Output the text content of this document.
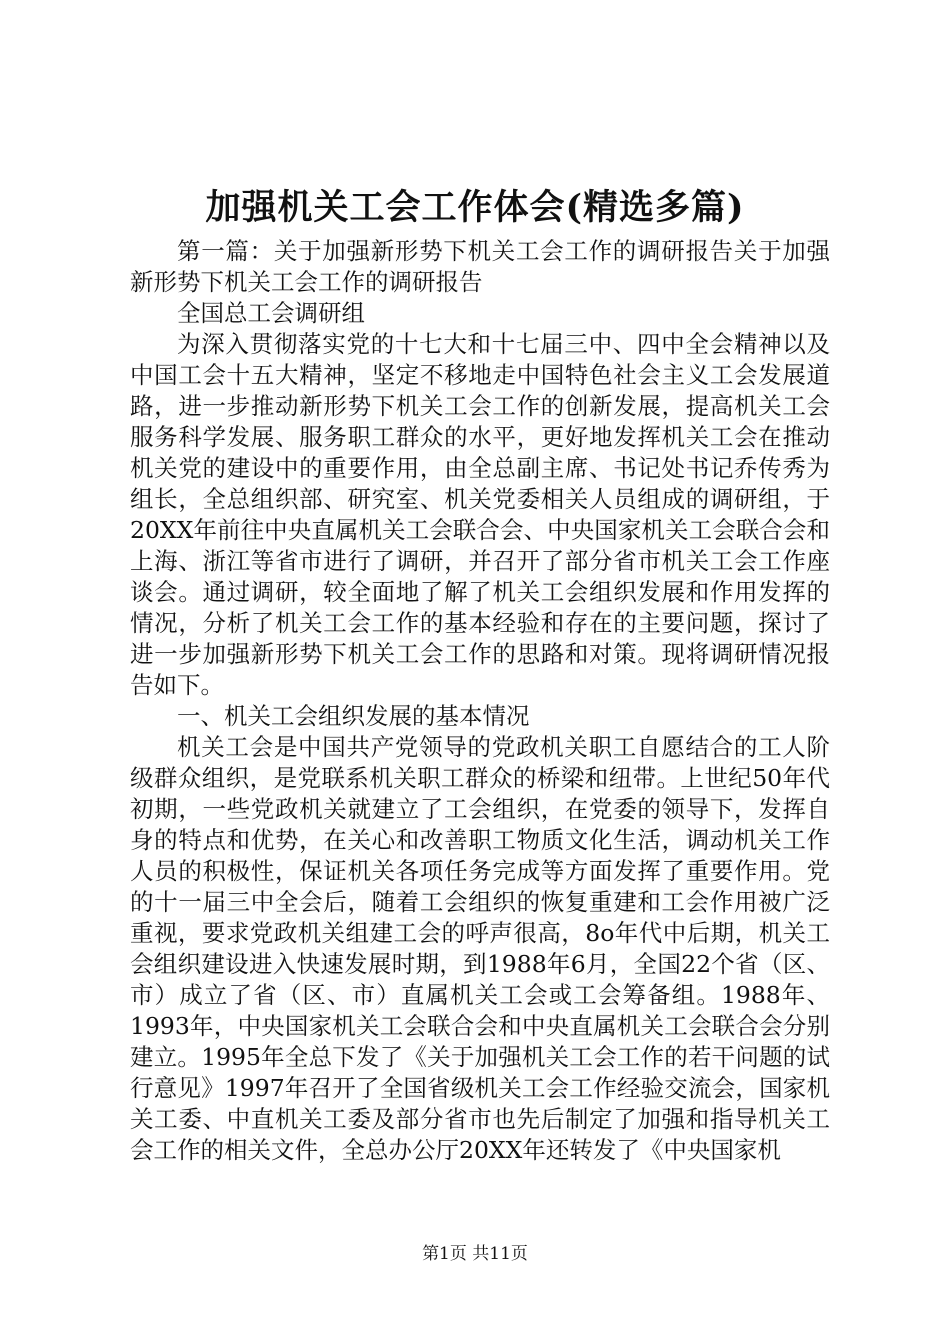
加强机关工会工作体会(精选多篇)

第一篇：关于加强新形势下机关工会工作的调研报告关于加强新形势下机关工会工作的调研报告

全国总工会调研组

为深入贯彻落实党的十七大和十七届三中、四中全会精神以及中国工会十五大精神，坚定不移地走中国特色社会主义工会发展道路，进一步推动新形势下机关工会工作的创新发展，提高机关工会服务科学发展、服务职工群众的水平，更好地发挥机关工会在推动机关党的建设中的重要作用，由全总副主席、书记处书记乔传秀为组长，全总组织部、研究室、机关党委相关人员组成的调研组，于20XX年前往中央直属机关工会联合会、中央国家机关工会联合会和上海、浙江等省市进行了调研，并召开了部分省市机关工会工作座谈会。通过调研，较全面地了解了机关工会组织发展和作用发挥的情况，分析了机关工会工作的基本经验和存在的主要问题，探讨了进一步加强新形势下机关工会工作的思路和对策。现将调研情况报告如下。

一、机关工会组织发展的基本情况

机关工会是中国共产党领导的党政机关职工自愿结合的工人阶级群众组织，是党联系机关职工群众的桥梁和纽带。上世纪50年代初期，一些党政机关就建立了工会组织，在党委的领导下，发挥自身的特点和优势，在关心和改善职工物质文化生活，调动机关工作人员的积极性，保证机关各项任务完成等方面发挥了重要作用。党的十一届三中全会后，随着工会组织的恢复重建和工会作用被广泛重视，要求党政机关组建工会的呼声很高，8o年代中后期，机关工会组织建设进入快速发展时期，到1988年6月，全国22个省（区、市）成立了省（区、市）直属机关工会或工会筹备组。1988年、1993年，中央国家机关工会联合会和中央直属机关工会联合会分别建立。1995年全总下发了《关于加强机关工会工作的若干问题的试行意见》1997年召开了全国省级机关工会工作经验交流会，国家机关工委、中直机关工委及部分省市也先后制定了加强和指导机关工会工作的相关文件，全总办公厅20XX年还转发了《中央国家机

第1页 共11页
